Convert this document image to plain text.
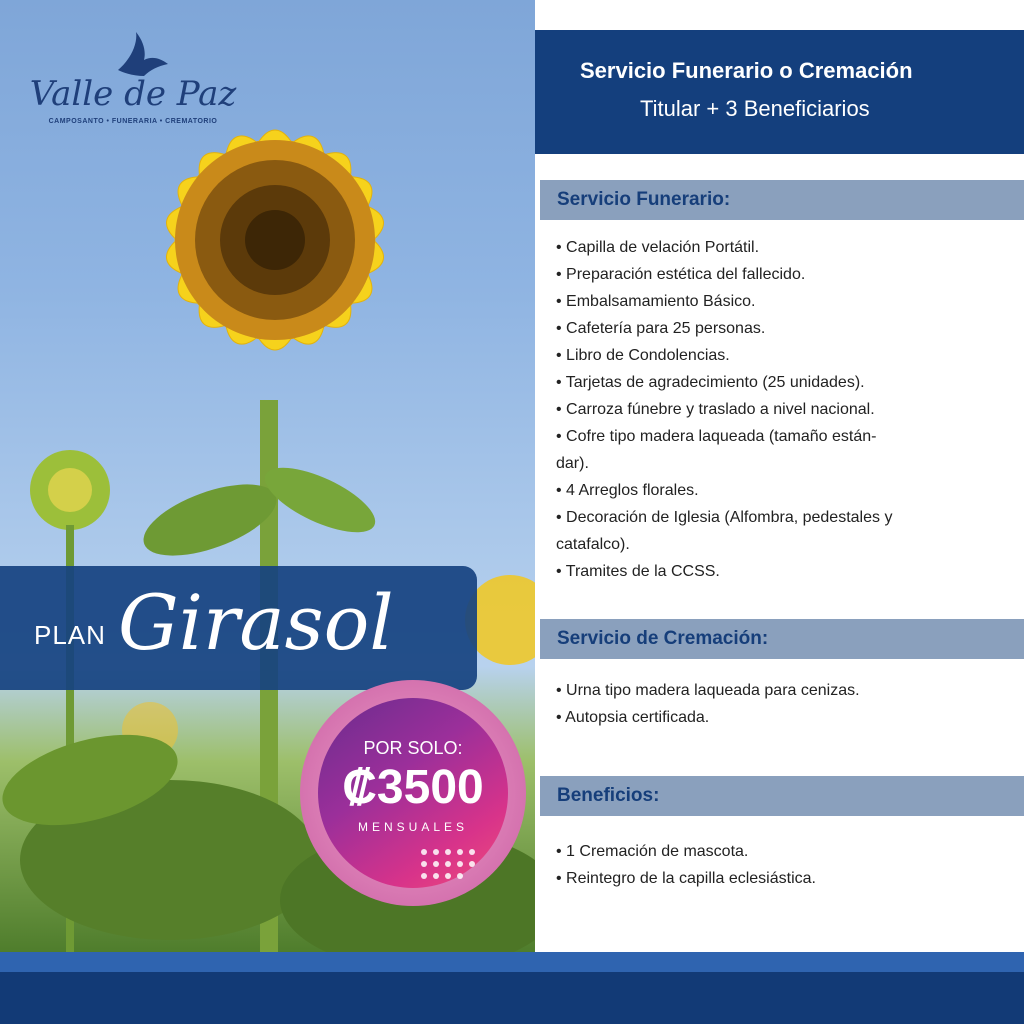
Valle de Paz
CAMPOSANTO • FUNERARIA • CREMATORIO
PLAN Girasol
POR SOLO:
₡3500
MENSUALES
Servicio Funerario o Cremación
Titular + 3 Beneficiarios
Servicio Funerario:
• Capilla de velación Portátil.
• Preparación estética del fallecido.
• Embalsamamiento Básico.
• Cafetería para 25 personas.
• Libro de Condolencias.
• Tarjetas de agradecimiento (25 unidades).
• Carroza fúnebre y traslado a nivel nacional.
• Cofre tipo madera laqueada (tamaño están-
dar).
• 4 Arreglos florales.
• Decoración de Iglesia (Alfombra, pedestales y
catafalco).
• Tramites de la CCSS.
Servicio de Cremación:
• Urna tipo madera laqueada para cenizas.
• Autopsia certificada.
Beneficios:
• 1 Cremación de mascota.
• Reintegro de la capilla eclesiástica.
